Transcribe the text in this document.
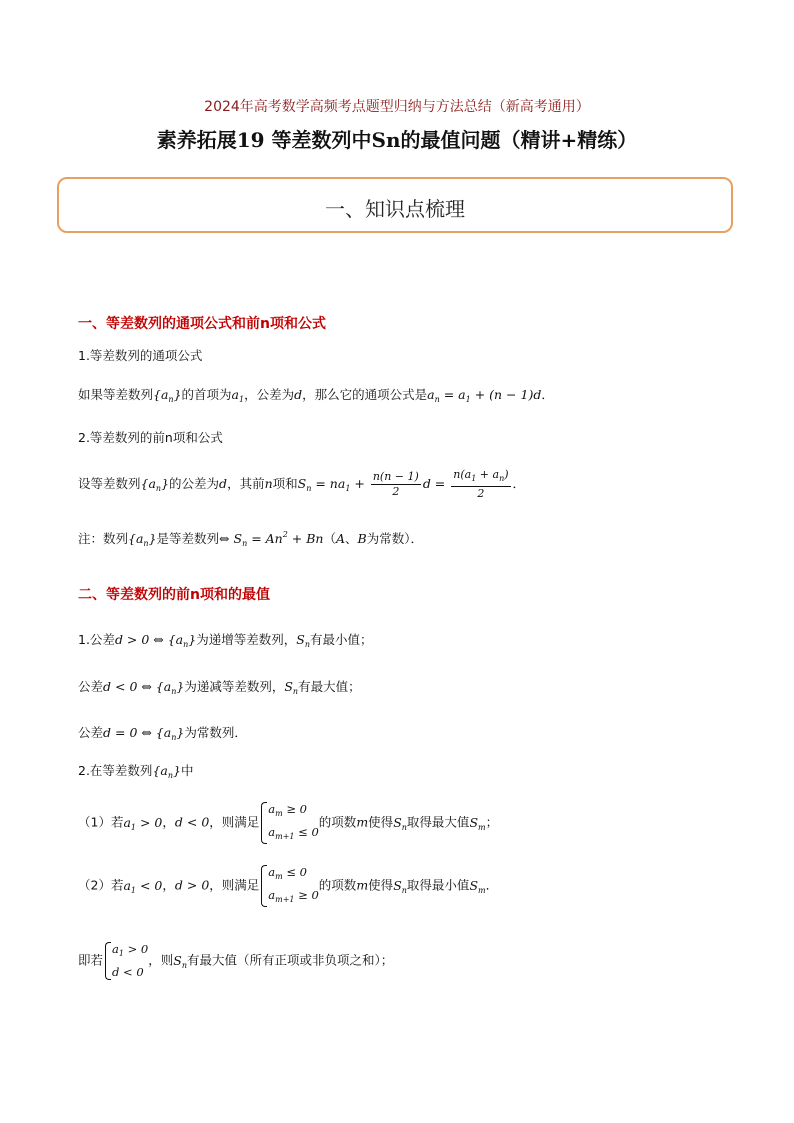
2024年高考数学高频考点题型归纳与方法总结（新高考通用）
素养拓展19 等差数列中Sn的最值问题（精讲+精练）
一、知识点梳理
一、等差数列的通项公式和前n项和公式
1.等差数列的通项公式
如果等差数列$\{a_n\}$的首项为$a_1$，公差为d，那么它的通项公式是$a_n = a_1 + (n - 1)d$．
2.等差数列的前n项和公式
设等差数列$\{a_n\}$的公差为d，其前n项和$S_n = na_1 + \frac{n(n - 1)}{2}$ $d = \frac{n(a_1 + a_n)}{2}$ ．
注：数列$\{a_n\}$是等差数列⇔ $S_n = An^2 + Bn(A$、B为常数）．
二、等差数列的前n项和的最值
1.公差d > 0 ⇔ $\{a_n\}$为递增等差数列，$S_n$有最小值；
公差d < 0 ⇔ $\{a_n\}$为递减等差数列，$S_n$有最大值；
公差d = 0 ⇔ $\{a_n\}$为常数列．
2.在等差数列$\{a_n\}$中
（1）若$a_1 > 0$，d < 0，则满足
$a_m \ge 0$
$a_{m+1} \le 0$
的项数m使得$S_n$取得最大值$S_m$；
（2）若$a_1 < 0$，d > 0，则满足
$a_m \le 0$
$a_{m+1} \ge 0$
的项数m使得$S_n$取得最小值$S_m$．
即若
$a_1 > 0$
d < 0
，则$S_n$有最大值（所有正项或非负项之和）；
